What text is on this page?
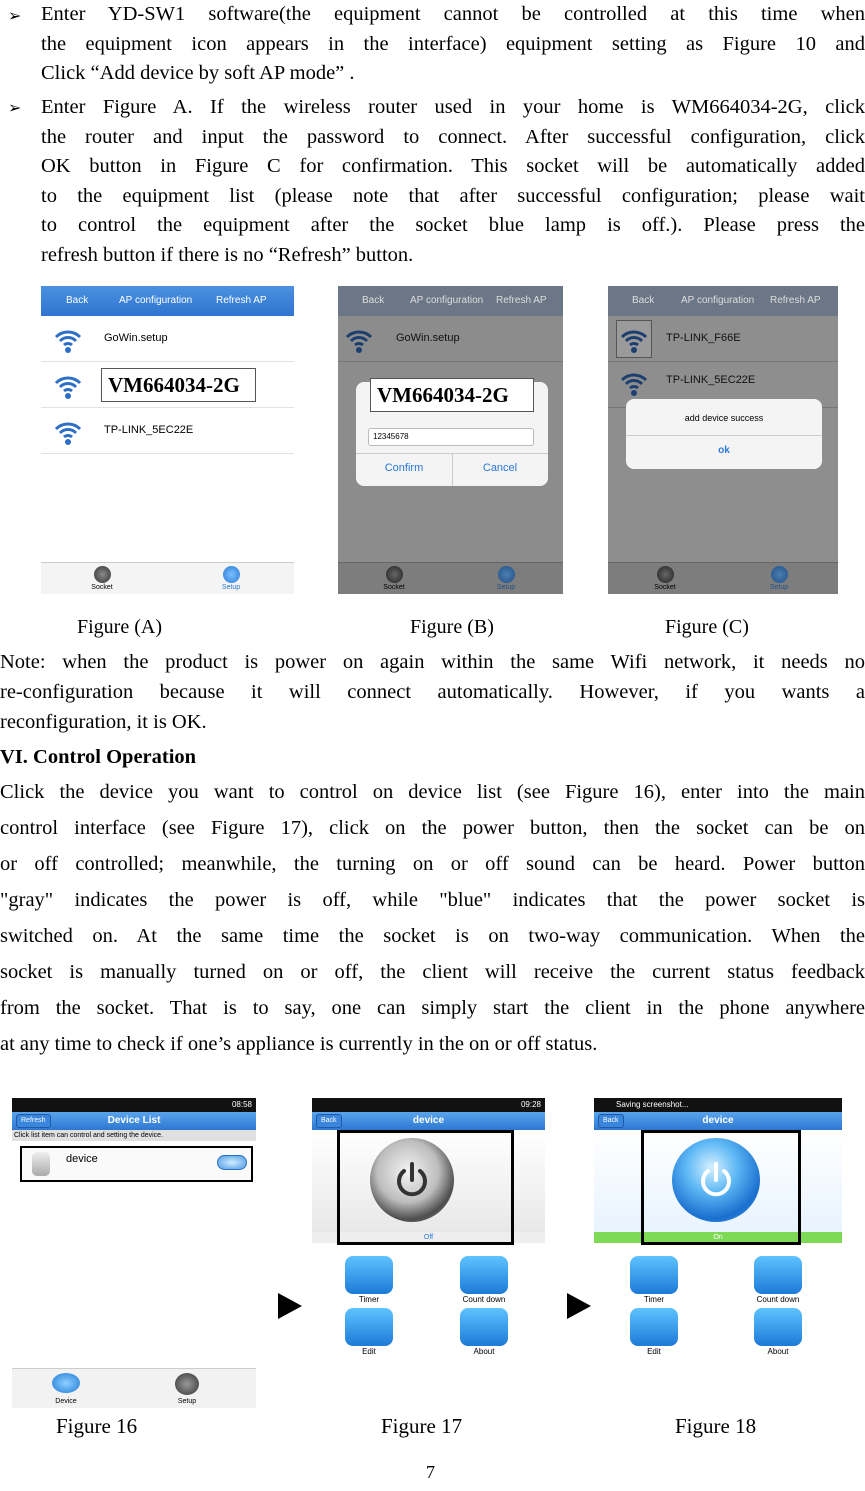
➢ Enter YD-SW1 software(the equipment cannot be controlled at this time when
the equipment icon appears in the interface) equipment setting as Figure 10 and
Click “Add device by soft AP mode” .
➢ Enter Figure A. If the wireless router used in your home is WM664034-2G, click
the router and input the password to connect. After successful configuration, click
OK button in Figure C for confirmation. This socket will be automatically added
to the equipment list (please note that after successful configuration; please wait
to control the equipment after the socket blue lamp is off.). Please press the
refresh button if there is no “Refresh” button.
Back	AP configuration Refresh AP
GoWin.setup
VM664034-2G
TP-LINK_5EC22E
Socket	Setup
Back	AP configuration Refresh AP
GoWin.setup
VM664034-2G
12345678
Confirm	Cancel
Socket	Setup
Back	AP configuration Refresh AP
TP-LINK_F66E
TP-LINK_5EC22E
add device success
ok
Socket	Setup
Figure (A)	Figure (B)	Figure (C)
Note: when the product is power on again within the same Wifi network, it needs no
re-configuration because it will connect automatically. However, if you wants a
reconfiguration, it is OK.
VI. Control Operation
Click the device you want to control on device list (see Figure 16), enter into the main
control interface (see Figure 17), click on the power button, then the socket can be on
or off controlled; meanwhile, the turning on or off sound can be heard. Power button
"gray" indicates the power is off, while "blue" indicates that the power socket is
switched on. At the same time the socket is on two-way communication. When the
socket is manually turned on or off, the client will receive the current status feedback
from the socket. That is to say, one can simply start the client in the phone anywhere
at any time to check if one’s appliance is currently in the on or off status.
08:58
Refresh	Device List
Click list item can control and setting the device.
device
Device	Setup
09:28
Back	device
Off
Timer	Count down
Edit	About
Saving screenshot...
Back	device
On
Timer	Count down
Edit	About
Figure 16	Figure 17	Figure 18
7
